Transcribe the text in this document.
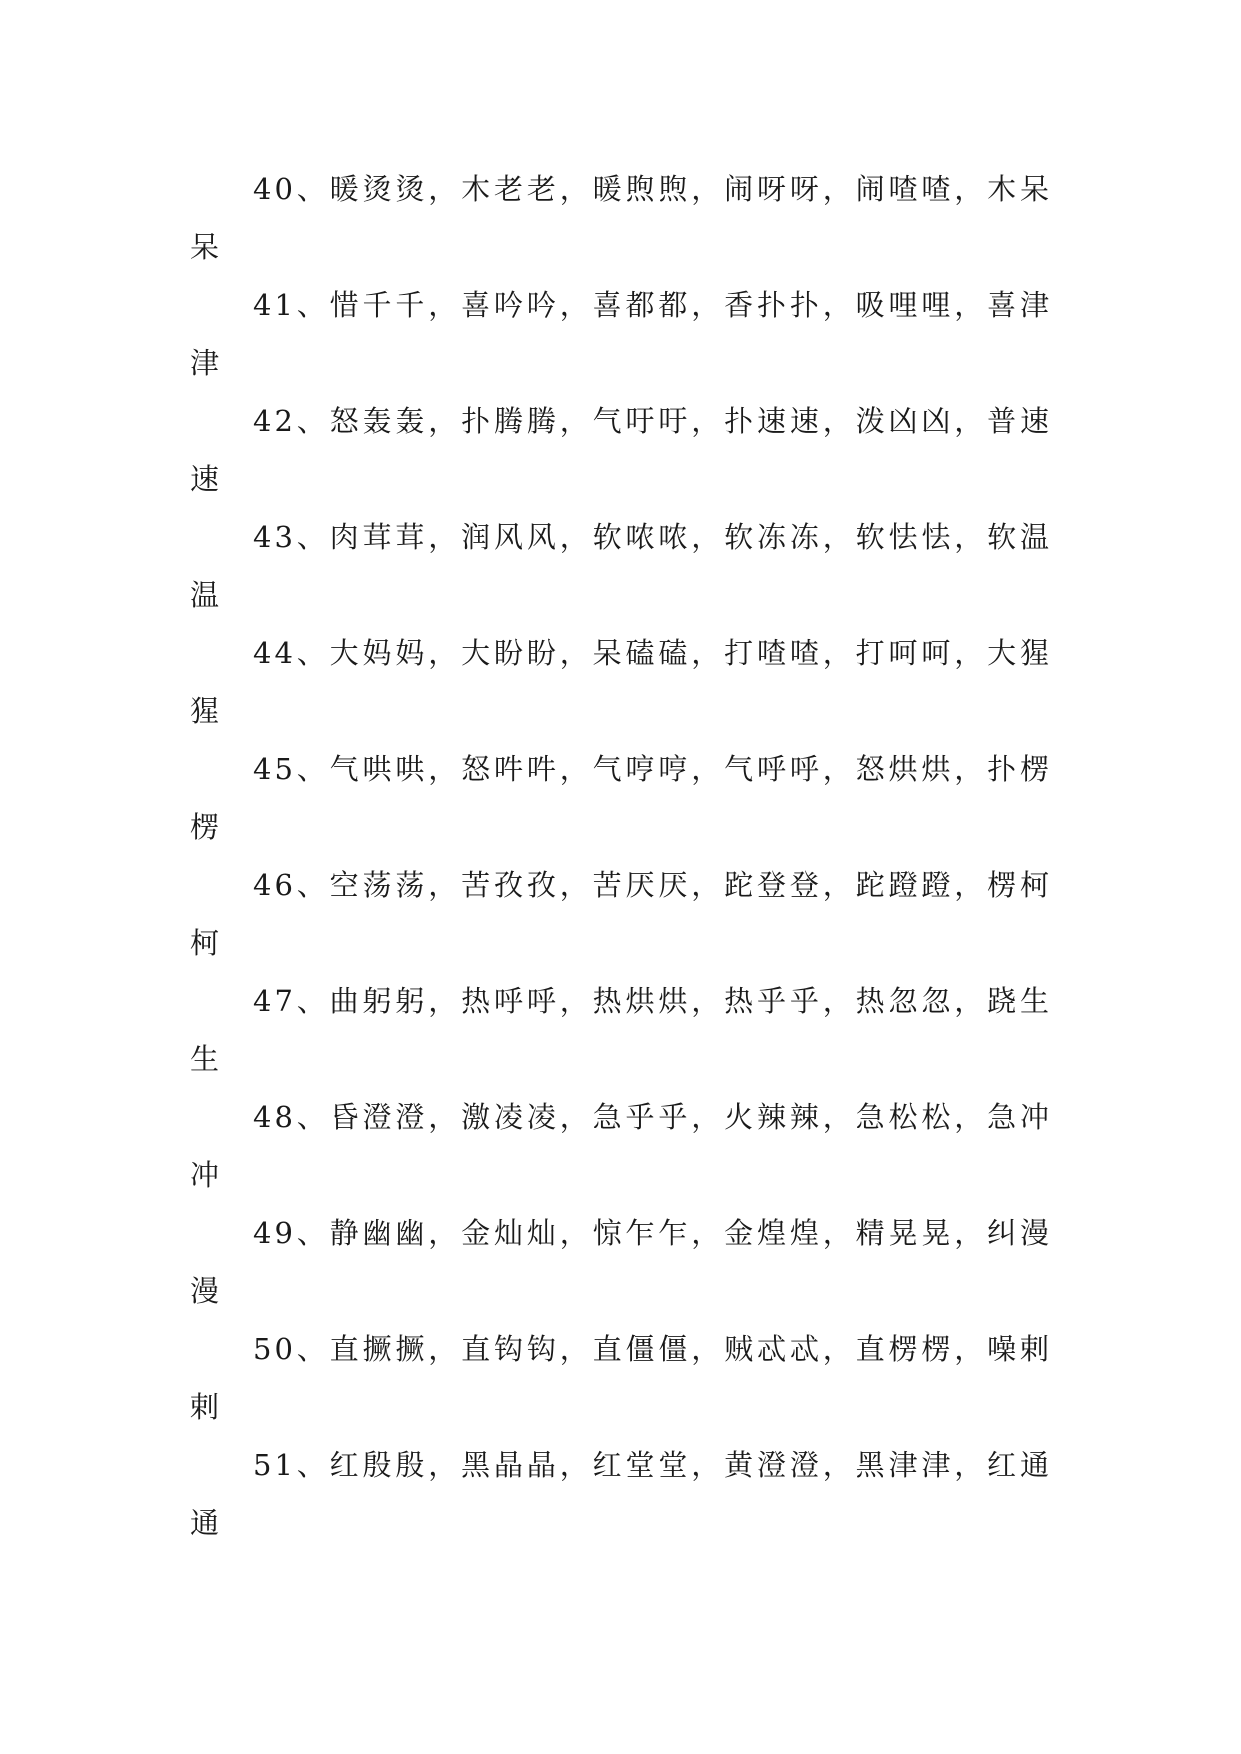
40、暖烫烫，木老老，暖煦煦，闹呀呀，闹喳喳，木呆呆

41、惜千千，喜吟吟，喜都都，香扑扑，吸哩哩，喜津津

42、怒轰轰，扑腾腾，气吁吁，扑速速，泼凶凶，普速速

43、肉茸茸，润风风，软哝哝，软冻冻，软怯怯，软温温

44、大妈妈，大盼盼，呆磕磕，打喳喳，打呵呵，大猩猩

45、气哄哄，怒吽吽，气哼哼，气呼呼，怒烘烘，扑楞楞

46、空荡荡，苦孜孜，苦厌厌，跎登登，跎蹬蹬，楞柯柯

47、曲躬躬，热呼呼，热烘烘，热乎乎，热忽忽，跷生生

48、昏澄澄，激凌凌，急乎乎，火辣辣，急松松，急冲冲

49、静幽幽，金灿灿，惊乍乍，金煌煌，精晃晃，纠漫漫

50、直撅撅，直钩钩，直僵僵，贼忒忒，直楞楞，噪剌剌

51、红殷殷，黑晶晶，红堂堂，黄澄澄，黑津津，红通通
